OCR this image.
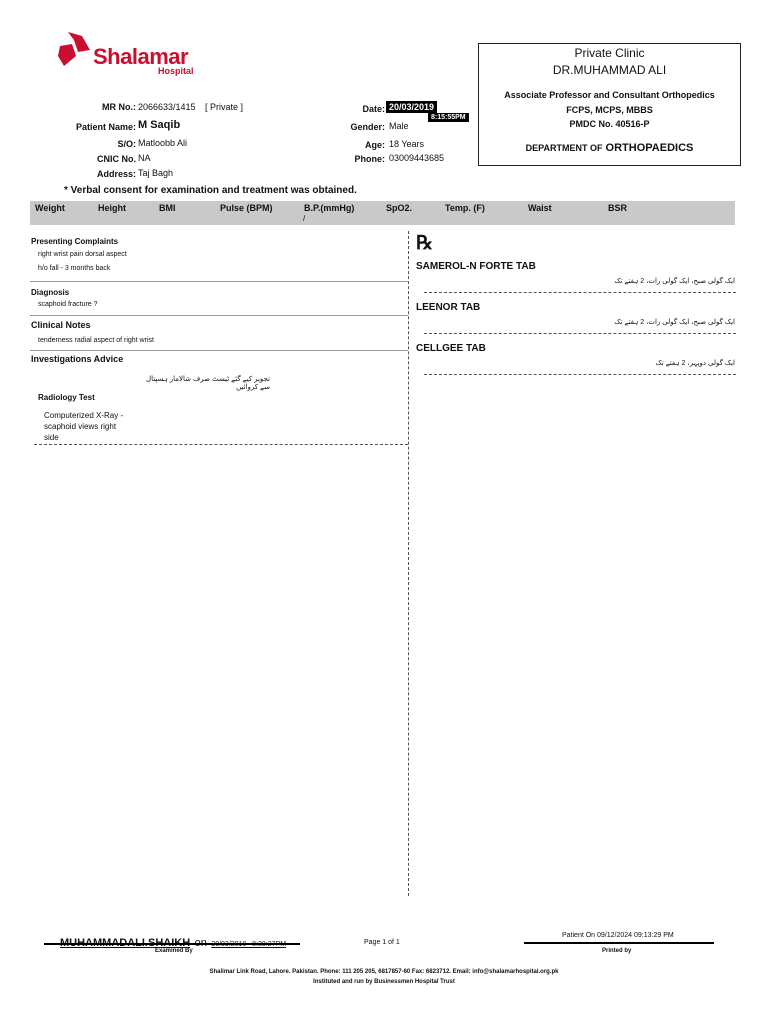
Shalamar
Hospital
Private Clinic
DR.MUHAMMAD ALI
Associate Professor and Consultant Orthopedics
FCPS, MCPS, MBBS
PMDC No. 40516-P
DEPARTMENT OF ORTHOPAEDICS
MR No.: 2066633/1415 [ Private ]
Patient Name: M Saqib
S/O: Matloobb Ali
CNIC No. NA
Address: Taj Bagh
Date: 20/03/2019
8:15:55PM
Gender: Male
Age: 18 Years
Phone: 03009443685
* Verbal consent for examination and treatment was obtained.
Weight	Height	BMI	Pulse (BPM)	B.P.(mmHg)	SpO2.	Temp. (F)	Waist	BSR
/
Presenting Complaints
right wrist pain dorsal aspect
h/o fall - 3 months back
Diagnosis
scaphoid fracture ?
Clinical Notes
tenderness radial aspect of right wrist
Investigations Advice
تجویز کیے گئے ٹیسٹ صرف شالامار ہسپتال سے کروائیں
Radiology Test
Computerized X-Ray -
scaphoid views right
side
℞
SAMEROL-N FORTE TAB
ایک گولی صبح، ایک گولی رات، 2 ہفتے تک
LEENOR TAB
ایک گولی صبح، ایک گولی رات، 2 ہفتے تک
CELLGEE TAB
ایک گولی دوپہر، 2 ہفتے تک
MUHAMMADALI.SHAIKH on 20/03/2019   8:38:27PM
Examined By
Page 1 of 1
Patient On 09/12/2024 09:13:29 PM
Printed by
Shalimar Link Road, Lahore. Pakistan. Phone: 111 205 205, 6817857-60 Fax: 6823712. Email: info@shalamarhospital.org.pk
Instituted and run by Businessmen Hospital Trust
